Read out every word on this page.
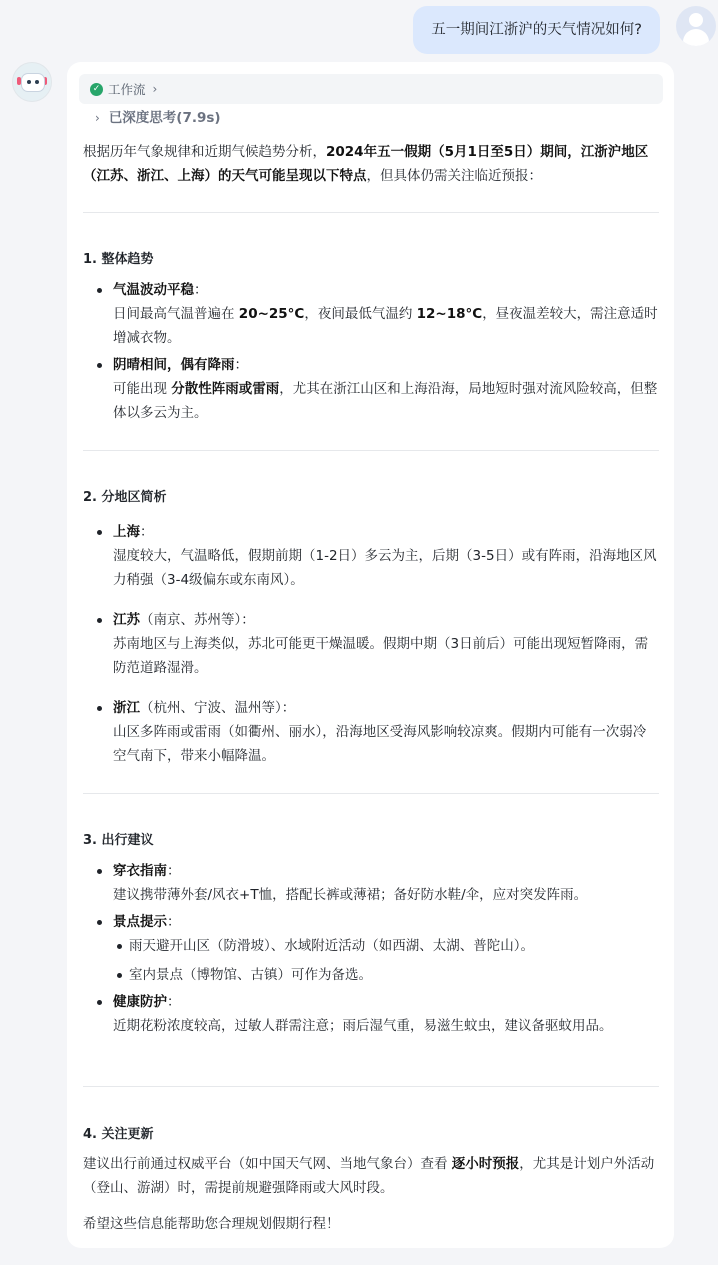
五一期间江浙沪的天气情况如何?
✓ 工作流 ›
› 已深度思考(7.9s)
根据历年气象规律和近期气候趋势分析，2024年五一假期（5月1日至5日）期间，江浙沪地区（江苏、浙江、上海）的天气可能呈现以下特点，但具体仍需关注临近预报：
1. 整体趋势
气温波动平稳：
日间最高气温普遍在 20~25°C，夜间最低气温约 12~18°C，昼夜温差较大，需注意适时增减衣物。
阴晴相间，偶有降雨：
可能出现 分散性阵雨或雷雨，尤其在浙江山区和上海沿海，局地短时强对流风险较高，但整体以多云为主。
2. 分地区简析
上海：
湿度较大，气温略低，假期前期（1-2日）多云为主，后期（3-5日）或有阵雨，沿海地区风力稍强（3-4级偏东或东南风）。
江苏（南京、苏州等）：
苏南地区与上海类似，苏北可能更干燥温暖。假期中期（3日前后）可能出现短暂降雨，需防范道路湿滑。
浙江（杭州、宁波、温州等）：
山区多阵雨或雷雨（如衢州、丽水），沿海地区受海风影响较凉爽。假期内可能有一次弱冷空气南下，带来小幅降温。
3. 出行建议
穿衣指南：
建议携带薄外套/风衣+T恤，搭配长裤或薄裙；备好防水鞋/伞，应对突发阵雨。
景点提示：
雨天避开山区（防滑坡）、水域附近活动（如西湖、太湖、普陀山）。
室内景点（博物馆、古镇）可作为备选。
健康防护：
近期花粉浓度较高，过敏人群需注意；雨后湿气重，易滋生蚊虫，建议备驱蚊用品。
4. 关注更新
建议出行前通过权威平台（如中国天气网、当地气象台）查看 逐小时预报，尤其是计划户外活动（登山、游湖）时，需提前规避强降雨或大风时段。
希望这些信息能帮助您合理规划假期行程！
